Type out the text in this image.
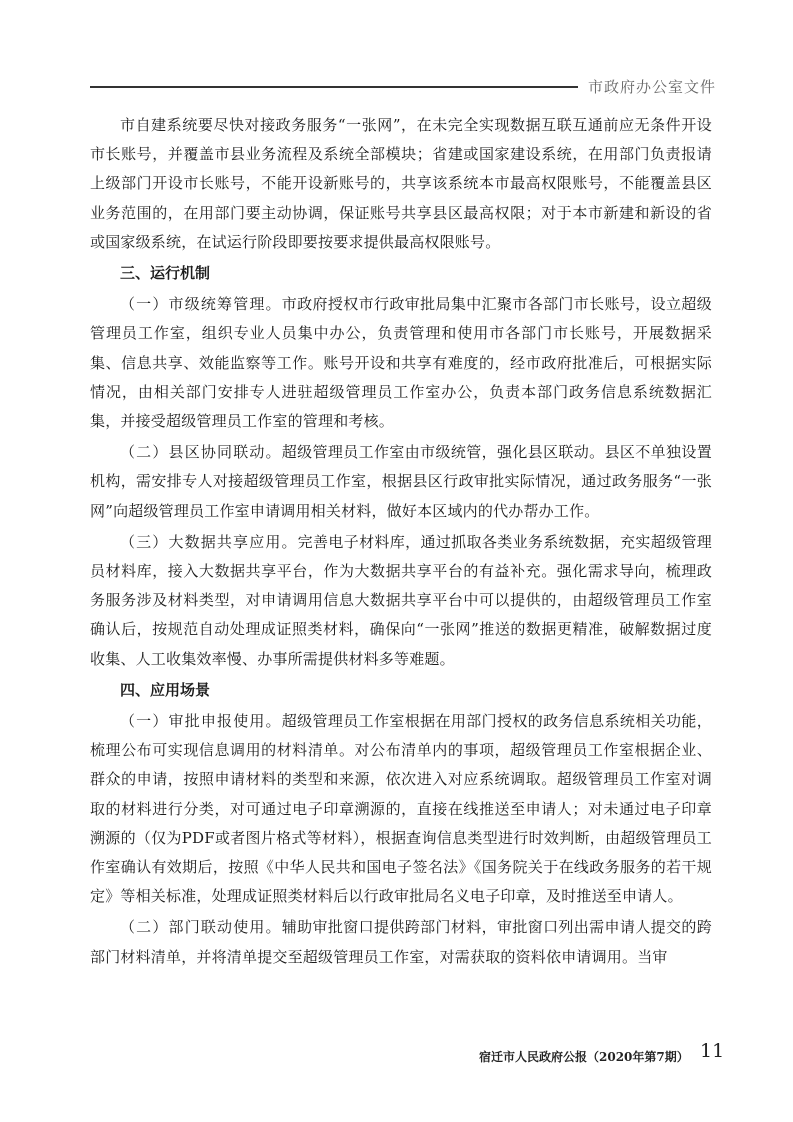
市政府办公室文件

市自建系统要尽快对接政务服务“一张网”，在未完全实现数据互联互通前应无条件开设市长账号，并覆盖市县业务流程及系统全部模块；省建或国家建设系统，在用部门负责报请上级部门开设市长账号，不能开设新账号的，共享该系统本市最高权限账号，不能覆盖县区业务范围的，在用部门要主动协调，保证账号共享县区最高权限；对于本市新建和新设的省或国家级系统，在试运行阶段即要按要求提供最高权限账号。

三、运行机制

（一）市级统筹管理。市政府授权市行政审批局集中汇聚市各部门市长账号，设立超级管理员工作室，组织专业人员集中办公，负责管理和使用市各部门市长账号，开展数据采集、信息共享、效能监察等工作。账号开设和共享有难度的，经市政府批准后，可根据实际情况，由相关部门安排专人进驻超级管理员工作室办公，负责本部门政务信息系统数据汇集，并接受超级管理员工作室的管理和考核。

（二）县区协同联动。超级管理员工作室由市级统管，强化县区联动。县区不单独设置机构，需安排专人对接超级管理员工作室，根据县区行政审批实际情况，通过政务服务“一张网”向超级管理员工作室申请调用相关材料，做好本区域内的代办帮办工作。

（三）大数据共享应用。完善电子材料库，通过抓取各类业务系统数据，充实超级管理员材料库，接入大数据共享平台，作为大数据共享平台的有益补充。强化需求导向，梳理政务服务涉及材料类型，对申请调用信息大数据共享平台中可以提供的，由超级管理员工作室确认后，按规范自动处理成证照类材料，确保向“一张网”推送的数据更精准，破解数据过度收集、人工收集效率慢、办事所需提供材料多等难题。

四、应用场景

（一）审批申报使用。超级管理员工作室根据在用部门授权的政务信息系统相关功能，梳理公布可实现信息调用的材料清单。对公布清单内的事项，超级管理员工作室根据企业、群众的申请，按照申请材料的类型和来源，依次进入对应系统调取。超级管理员工作室对调取的材料进行分类，对可通过电子印章溯源的，直接在线推送至申请人；对未通过电子印章溯源的（仅为PDF或者图片格式等材料），根据查询信息类型进行时效判断，由超级管理员工作室确认有效期后，按照《中华人民共和国电子签名法》《国务院关于在线政务服务的若干规定》等相关标准，处理成证照类材料后以行政审批局名义电子印章，及时推送至申请人。

（二）部门联动使用。辅助审批窗口提供跨部门材料，审批窗口列出需申请人提交的跨部门材料清单，并将清单提交至超级管理员工作室，对需获取的资料依申请调用。当审

宿迁市人民政府公报（2020年第7期） 11
